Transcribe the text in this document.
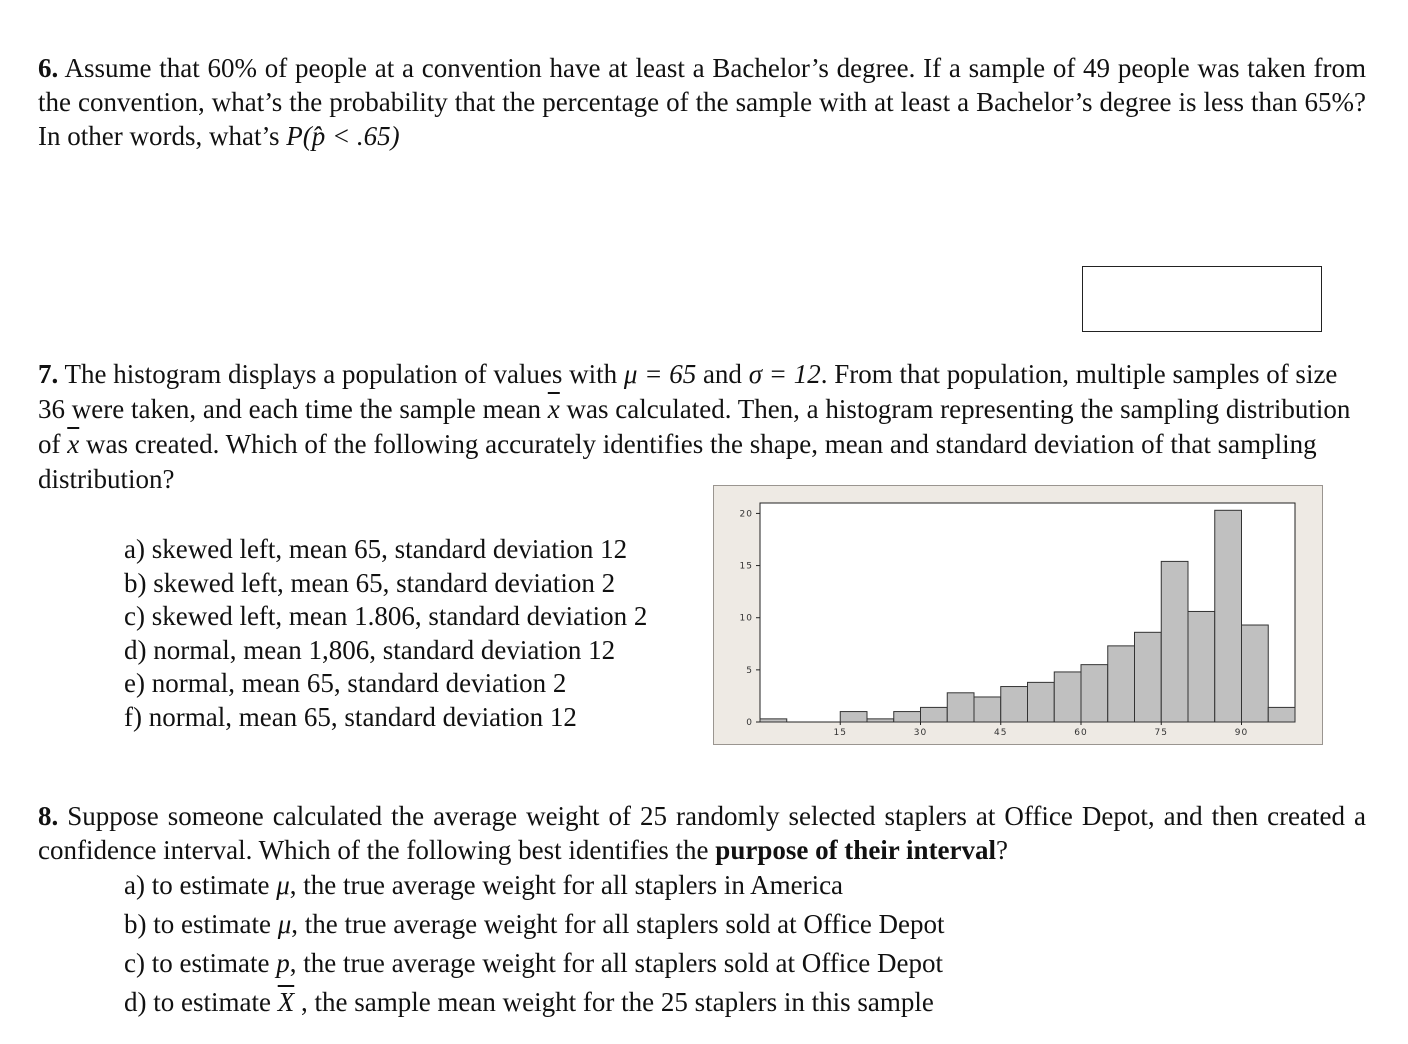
6. Assume that 60% of people at a convention have at least a Bachelor’s degree. If a sample of 49 people was taken from the convention, what’s the probability that the percentage of the sample with at least a Bachelor’s degree is less than 65%? In other words, what’s P(p̂ < .65)
7. The histogram displays a population of values with μ = 65 and σ = 12. From that population, multiple samples of size 36 were taken, and each time the sample mean $\overline{x}$ was calculated. Then, a histogram representing the sampling distribution of $\overline{x}$ was created. Which of the following accurately identifies the shape, mean and standard deviation of that sampling distribution?
a) skewed left, mean 65, standard deviation 12
b) skewed left, mean 65, standard deviation 2
c) skewed left, mean 1.806, standard deviation 2
d) normal, mean 1,806, standard deviation 12
e) normal, mean 65, standard deviation 2
f) normal, mean 65, standard deviation 12	0
5
10
15
20
15	30	45	60	75	90
8. Suppose someone calculated the average weight of 25 randomly selected staplers at Office Depot, and then created a confidence interval. Which of the following best identifies the purpose of their interval?
a) to estimate μ, the true average weight for all staplers in America
b) to estimate μ, the true average weight for all staplers sold at Office Depot
c) to estimate p, the true average weight for all staplers sold at Office Depot
d) to estimate $\overline{X}$ , the sample mean weight for the 25 staplers in this sample
